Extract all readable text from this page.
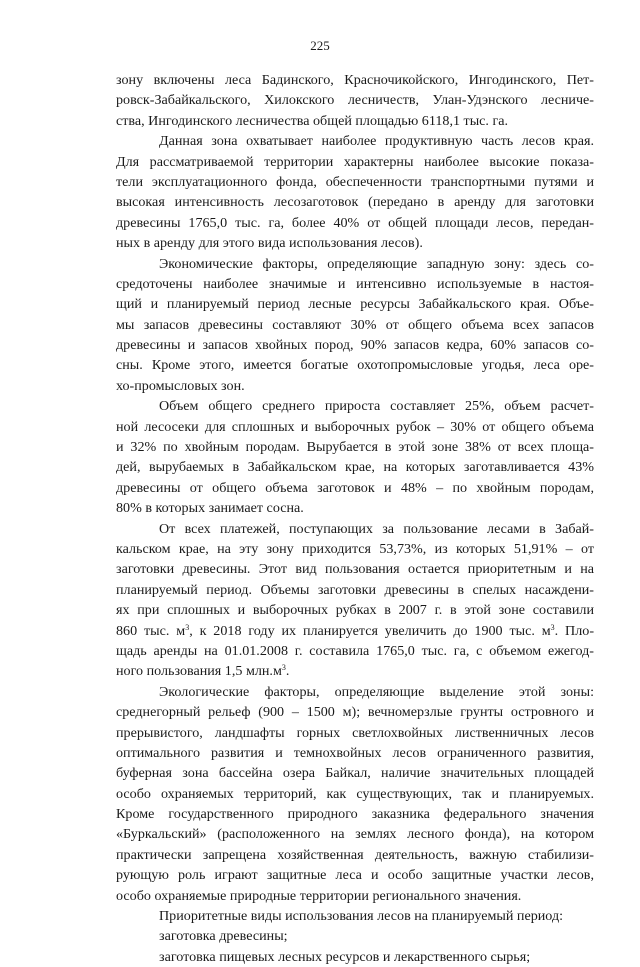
225
зону включены леса Бадинского, Красночикойского, Ингодинского, Пет-
ровск-Забайкальского, Хилокского лесничеств, Улан-Удэнского лесниче-
ства, Ингодинского лесничества общей площадью 6118,1 тыс. га.
Данная зона охватывает наиболее продуктивную часть лесов края.
Для рассматриваемой территории характерны наиболее высокие показа-
тели эксплуатационного фонда, обеспеченности транспортными путями и
высокая интенсивность лесозаготовок (передано в аренду для заготовки
древесины 1765,0 тыс. га, более 40% от общей площади лесов, передан-
ных в аренду для этого вида использования лесов).
Экономические факторы, определяющие западную зону: здесь со-
средоточены наиболее значимые и интенсивно используемые в настоя-
щий и планируемый период лесные ресурсы Забайкальского края. Объе-
мы запасов древесины составляют 30% от общего объема всех запасов
древесины и запасов хвойных пород, 90% запасов кедра, 60% запасов со-
сны. Кроме этого, имеется богатые охотопромысловые угодья, леса оре-
хо-промысловых зон.
Объем общего среднего прироста составляет 25%, объем расчет-
ной лесосеки для сплошных и выборочных рубок – 30% от общего объема
и 32% по хвойным породам. Вырубается в этой зоне 38% от всех площа-
дей, вырубаемых в Забайкальском крае, на которых заготавливается 43%
древесины от общего объема заготовок и 48% – по хвойным породам,
80% в которых занимает сосна.
От всех платежей, поступающих за пользование лесами в Забай-
кальском крае, на эту зону приходится 53,73%, из которых 51,91% – от
заготовки древесины. Этот вид пользования остается приоритетным и на
планируемый период. Объемы заготовки древесины в спелых насаждени-
ях при сплошных и выборочных рубках в 2007 г. в этой зоне составили
860 тыс. $м^3$, к 2018 году их планируется увеличить до 1900 тыс. $м^3$. Пло-
щадь аренды на 01.01.2008 г. составила 1765,0 тыс. га, с объемом ежегод-
ного пользования 1,5 $млн.м^3$.
Экологические факторы, определяющие выделение этой зоны:
среднегорный рельеф (900 – 1500 м); вечномерзлые грунты островного и
прерывистого, ландшафты горных светлохвойных лиственничных лесов
оптимального развития и темнохвойных лесов ограниченного развития,
буферная зона бассейна озера Байкал, наличие значительных площадей
особо охраняемых территорий, как существующих, так и планируемых.
Кроме государственного природного заказника федерального значения
«Буркальский» (расположенного на землях лесного фонда), на котором
практически запрещена хозяйственная деятельность, важную стабилизи-
рующую роль играют защитные леса и особо защитные участки лесов,
особо охраняемые природные территории регионального значения.
Приоритетные виды использования лесов на планируемый период:
заготовка древесины;
заготовка пищевых лесных ресурсов и лекарственного сырья;
